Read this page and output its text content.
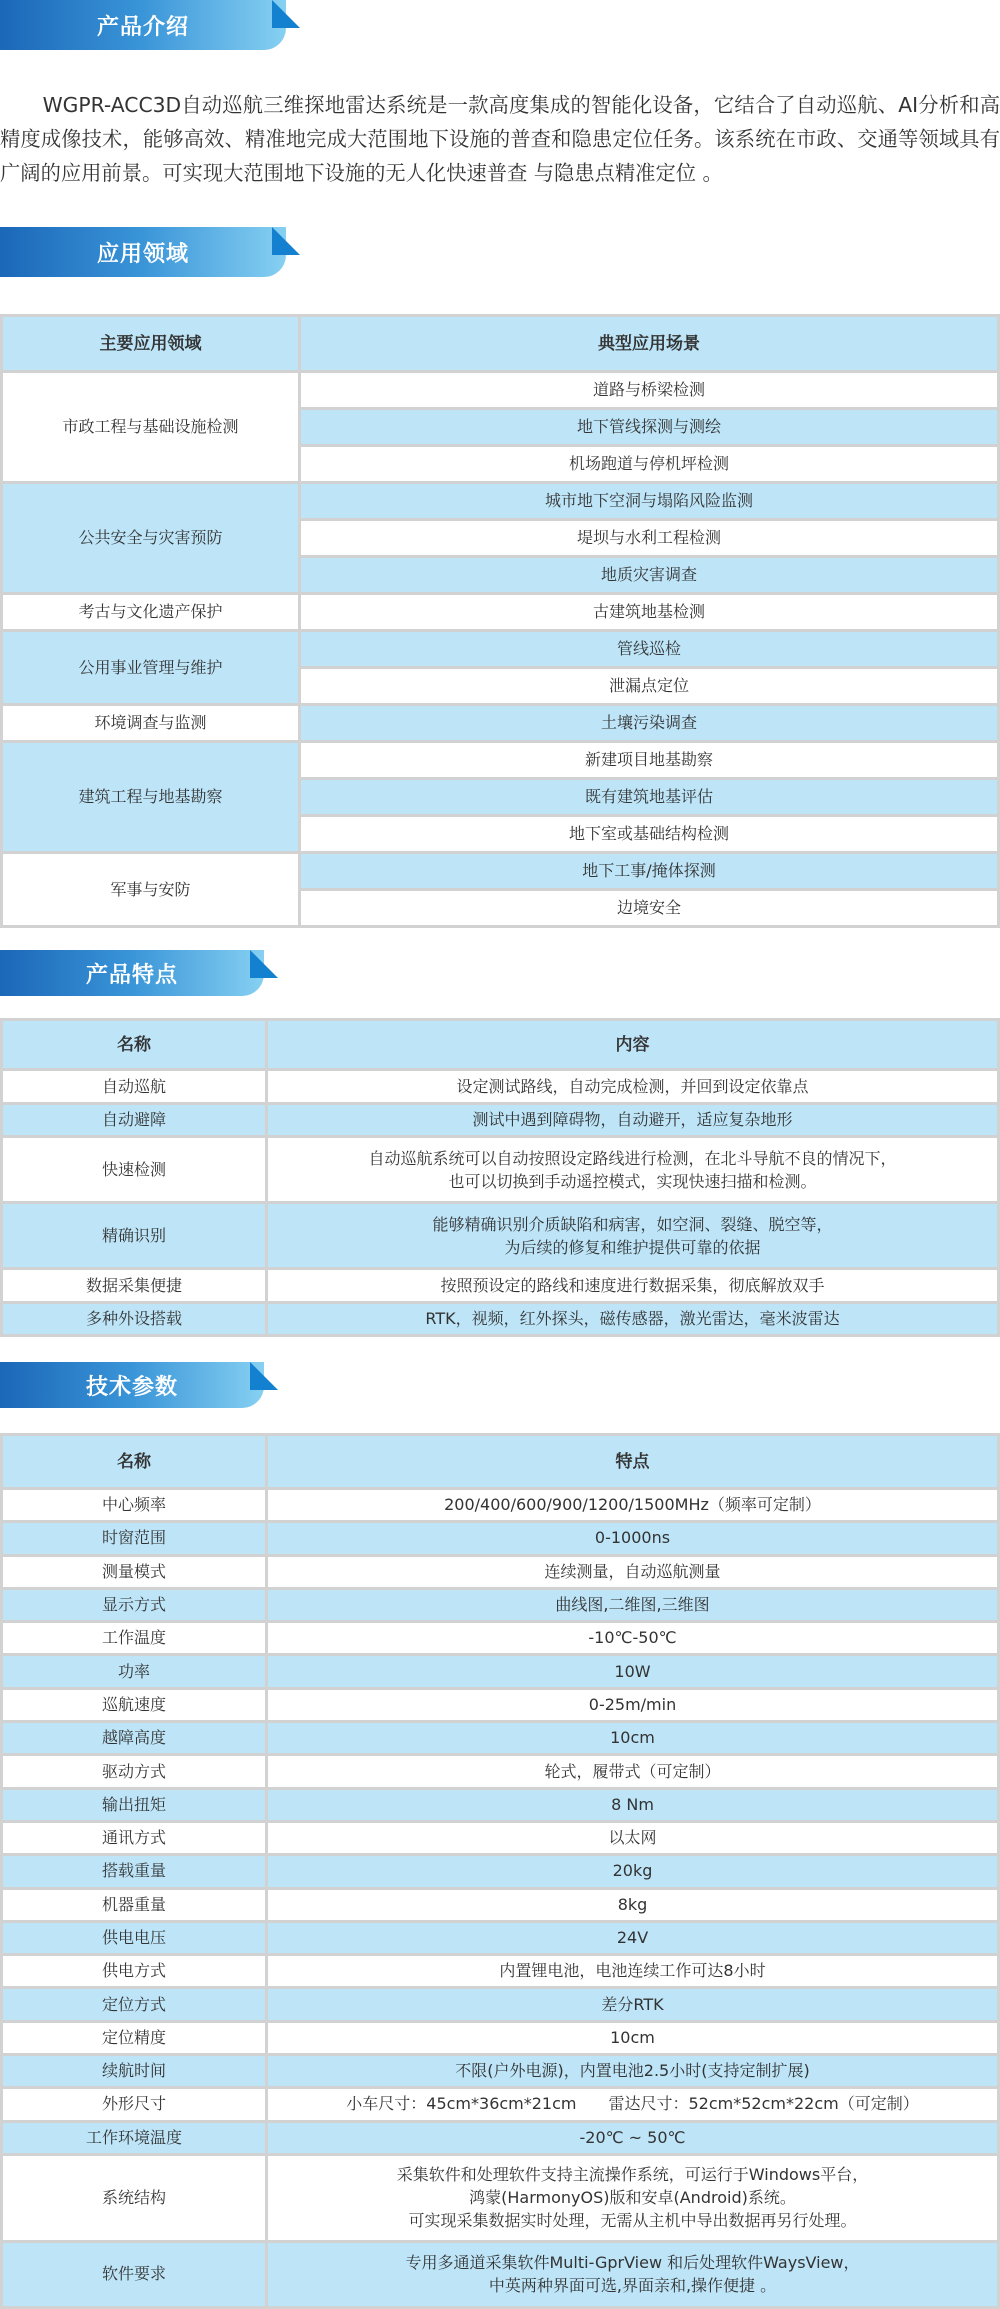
产品介绍

WGPR-ACC3D自动巡航三维探地雷达系统是一款高度集成的智能化设备，它结合了自动巡航、AI分析和高精度成像技术，能够高效、精准地完成大范围地下设施的普查和隐患定位任务。该系统在市政、交通等领域具有广阔的应用前景。可实现大范围地下设施的无人化快速普查 与隐患点精准定位 。

应用领域
主要应用领域	典型应用场景
市政工程与基础设施检测	道路与桥梁检测
	地下管线探测与测绘
	机场跑道与停机坪检测
公共安全与灾害预防	城市地下空洞与塌陷风险监测
	堤坝与水利工程检测
	地质灾害调查
考古与文化遗产保护	古建筑地基检测
公用事业管理与维护	管线巡检
	泄漏点定位
环境调查与监测	土壤污染调查
建筑工程与地基勘察	新建项目地基勘察
	既有建筑地基评估
	地下室或基础结构检测
军事与安防	地下工事/掩体探测
	边境安全
产品特点
名称	内容
自动巡航	设定测试路线，自动完成检测，并回到设定依靠点

自动避障	测试中遇到障碍物，自动避开，适应复杂地形

快速检测	自动巡航系统可以自动按照设定路线进行检测，在北斗导航不良的情况下，
也可以切换到手动遥控模式，实现快速扫描和检测。

精确识别	能够精确识别介质缺陷和病害，如空洞、裂缝、脱空等，
为后续的修复和维护提供可靠的依据

数据采集便捷	按照预设定的路线和速度进行数据采集，彻底解放双手

多种外设搭载	RTK，视频，红外探头，磁传感器，激光雷达，毫米波雷达
技术参数
名称	特点
中心频率	200/400/600/900/1200/1500MHz（频率可定制）

时窗范围	0-1000ns

测量模式	连续测量，自动巡航测量

显示方式	曲线图,二维图,三维图

工作温度	-10℃-50℃

功率	10W

巡航速度	0-25m/min

越障高度	10cm

驱动方式	轮式，履带式（可定制）

输出扭矩	8 Nm

通讯方式	以太网

搭载重量	20kg

机器重量	8kg

供电电压	24V

供电方式	内置锂电池，电池连续工作可达8小时

定位方式	差分RTK

定位精度	10cm

续航时间	不限(户外电源)，内置电池2.5小时(支持定制扩展)

外形尺寸	小车尺寸：45cm*36cm*21cm　　雷达尺寸：52cm*52cm*22cm（可定制）

工作环境温度	-20℃ ~ 50℃

系统结构	采集软件和处理软件支持主流操作系统，可运行于Windows平台，
鸿蒙(HarmonyOS)版和安卓(Android)系统。
可实现采集数据实时处理，无需从主机中导出数据再另行处理。

软件要求	专用多通道采集软件Multi-GprView 和后处理软件WaysView，
中英两种界面可选,界面亲和,操作便捷 。
